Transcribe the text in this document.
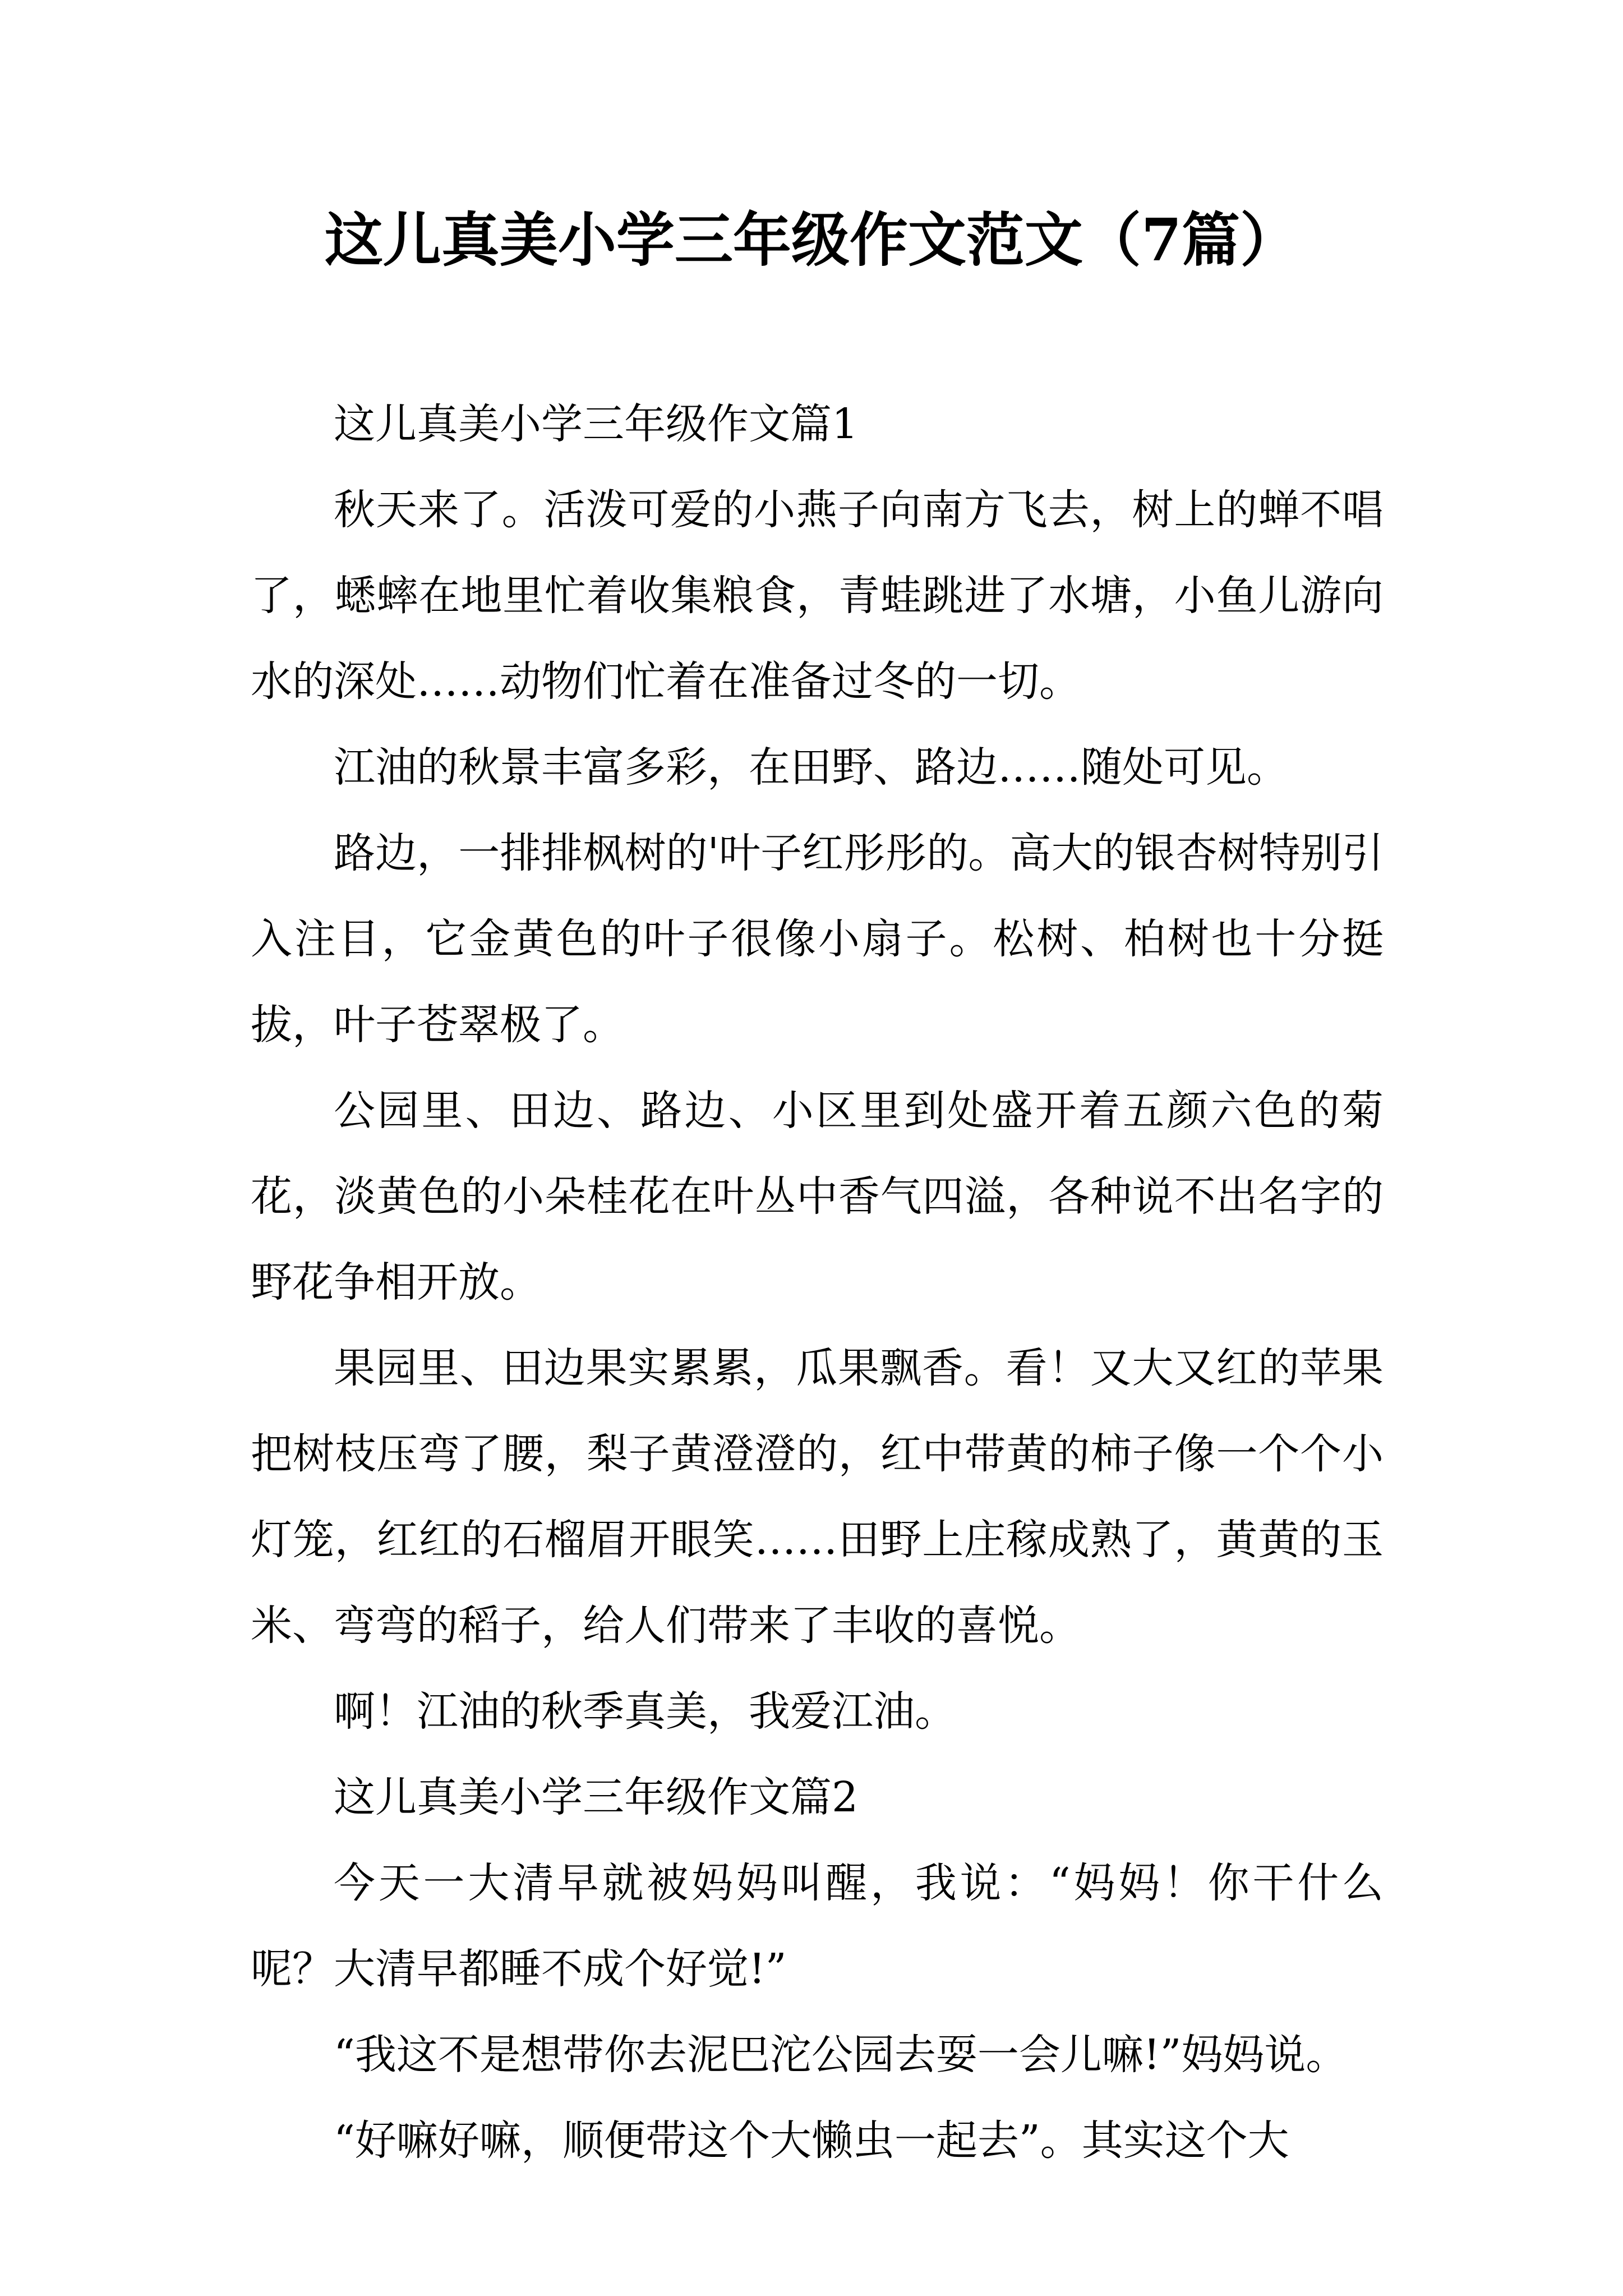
这儿真美小学三年级作文范文（7篇）

这儿真美小学三年级作文篇1

秋天来了。活泼可爱的小燕子向南方飞去，树上的蝉不唱了，蟋蟀在地里忙着收集粮食，青蛙跳进了水塘，小鱼儿游向水的深处……动物们忙着在准备过冬的一切。

江油的秋景丰富多彩，在田野、路边……随处可见。

路边，一排排枫树的'叶子红彤彤的。高大的银杏树特别引入注目，它金黄色的叶子很像小扇子。松树、柏树也十分挺拔，叶子苍翠极了。

公园里、田边、路边、小区里到处盛开着五颜六色的菊花，淡黄色的小朵桂花在叶丛中香气四溢，各种说不出名字的野花争相开放。

果园里、田边果实累累，瓜果飘香。看！又大又红的苹果把树枝压弯了腰，梨子黄澄澄的，红中带黄的柿子像一个个小灯笼，红红的石榴眉开眼笑……田野上庄稼成熟了，黄黄的玉米、弯弯的稻子，给人们带来了丰收的喜悦。

啊！江油的秋季真美，我爱江油。

这儿真美小学三年级作文篇2

今天一大清早就被妈妈叫醒，我说：“妈妈！你干什么呢？大清早都睡不成个好觉!”

“我这不是想带你去泥巴沱公园去耍一会儿嘛!”妈妈说。

“好嘛好嘛，顺便带这个大懒虫一起去”。其实这个大
